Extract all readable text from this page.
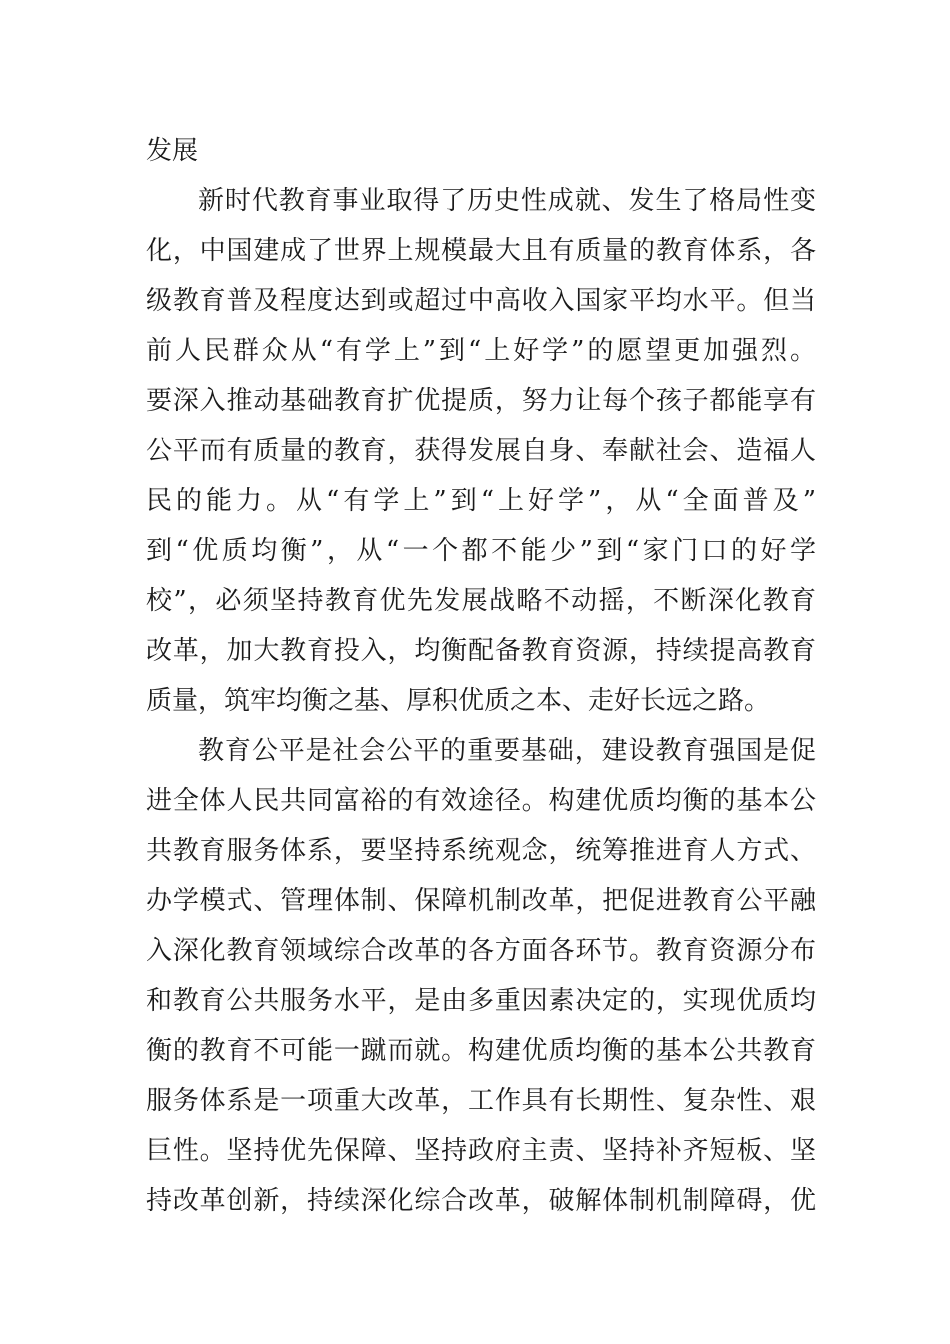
发展
新时代教育事业取得了历史性成就、发生了格局性变
化，中国建成了世界上规模最大且有质量的教育体系，各
级教育普及程度达到或超过中高收入国家平均水平。但当
前人民群众从“有学上”到“上好学”的愿望更加强烈。
要深入推动基础教育扩优提质，努力让每个孩子都能享有
公平而有质量的教育，获得发展自身、奉献社会、造福人
民的能力。从“有学上”到“上好学”，从“全面普及”
到“优质均衡”，从“一个都不能少”到“家门口的好学
校”，必须坚持教育优先发展战略不动摇，不断深化教育
改革，加大教育投入，均衡配备教育资源，持续提高教育
质量，筑牢均衡之基、厚积优质之本、走好长远之路。
教育公平是社会公平的重要基础，建设教育强国是促
进全体人民共同富裕的有效途径。构建优质均衡的基本公
共教育服务体系，要坚持系统观念，统筹推进育人方式、
办学模式、管理体制、保障机制改革，把促进教育公平融
入深化教育领域综合改革的各方面各环节。教育资源分布
和教育公共服务水平，是由多重因素决定的，实现优质均
衡的教育不可能一蹴而就。构建优质均衡的基本公共教育
服务体系是一项重大改革，工作具有长期性、复杂性、艰
巨性。坚持优先保障、坚持政府主责、坚持补齐短板、坚
持改革创新，持续深化综合改革，破解体制机制障碍，优
